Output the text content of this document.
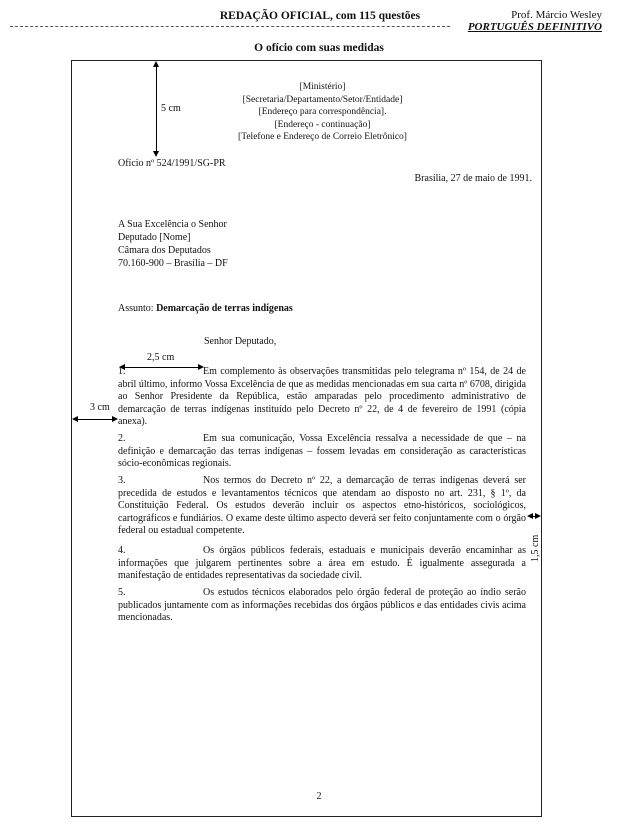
REDAÇÃO OFICIAL, com 115 questões	Prof. Márcio Wesley
PORTUGUÊS DEFINITIVO
O ofício com suas medidas
5 cm
[Ministério]
[Secretaria/Departamento/Setor/Entidade]
[Endereço para correspondência].
[Endereço - continuação]
[Telefone e Endereço de Correio Eletrônico]
Ofício nº 524/1991/SG-PR
Brasília, 27 de maio de 1991.
A Sua Excelência o Senhor
Deputado [Nome]
Câmara dos Deputados
70.160-900 – Brasília – DF
Assunto: Demarcação de terras indígenas
Senhor Deputado,
2,5 cm
3 cm
1,5 cm
1.	Em complemento às observações transmitidas pelo telegrama nº 154, de 24 de abril último, informo Vossa Excelência de que as medidas mencionadas em sua carta nº 6708, dirigida ao Senhor Presidente da República, estão amparadas pelo procedimento administrativo de demarcação de terras indígenas instituído pelo Decreto nº 22, de 4 de fevereiro de 1991 (cópia anexa).
2.	Em sua comunicação, Vossa Excelência ressalva a necessidade de que – na definição e demarcação das terras indígenas – fossem levadas em consideração as características sócio-econômicas regionais.
3.	Nos termos do Decreto nº 22, a demarcação de terras indígenas deverá ser precedida de estudos e levantamentos técnicos que atendam ao disposto no art. 231, § 1º, da Constituição Federal. Os estudos deverão incluir os aspectos etno-históricos, sociológicos, cartográficos e fundiários. O exame deste último aspecto deverá ser feito conjuntamente com o órgão federal ou estadual competente.
4.	Os órgãos públicos federais, estaduais e municipais deverão encaminhar as informações que julgarem pertinentes sobre a área em estudo. É igualmente assegurada a manifestação de entidades representativas da sociedade civil.
5.	Os estudos técnicos elaborados pelo órgão federal de proteção ao índio serão publicados juntamente com as informações recebidas dos órgãos públicos e das entidades civis acima mencionadas.
2
